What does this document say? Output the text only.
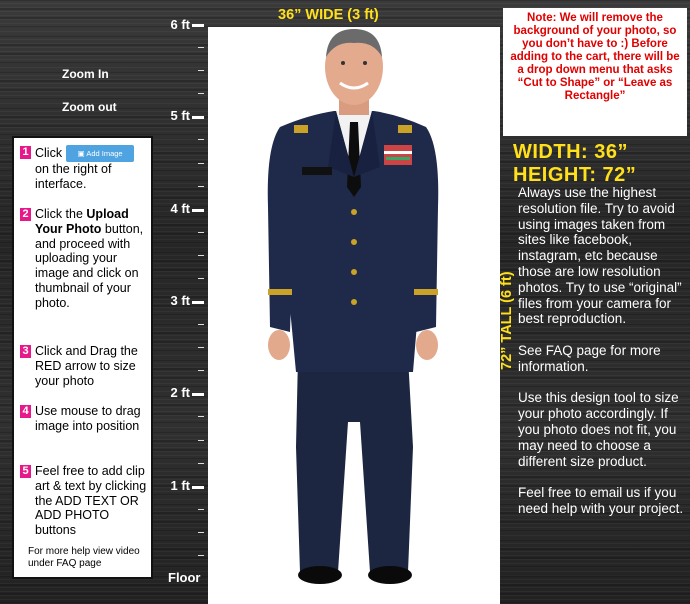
36” WIDE (3 ft)
6 ft
5 ft
4 ft
3 ft
2 ft
1 ft
Floor
Zoom In
Zoom out
1 Click ▣ Add Image
on the right of interface.
2 Click the Upload Your Photo button, and proceed with uploading your image and click on thumbnail of your photo.
3 Click and Drag the RED arrow to size your photo
4 Use mouse to drag image into position
5 Feel free to add clip art & text by clicking the ADD TEXT OR ADD PHOTO buttons
For more help view video under FAQ page
72” TALL (6 ft)
Note: We will remove the background of your photo, so you don’t have to :) Before adding to the cart, there will be a drop down menu that asks “Cut to Shape” or “Leave as Rectangle”
WIDTH: 36”
HEIGHT: 72”

Always use the highest resolution file. Try to avoid using images taken from sites like facebook, instagram, etc because those are low resolution photos. Try to use “original” files from your camera for best reproduction.

See FAQ page for more information.

Use this design tool to size your photo accordingly. If you photo does not fit, you may need to choose a different size product.

Feel free to email us if you need help with your project.
